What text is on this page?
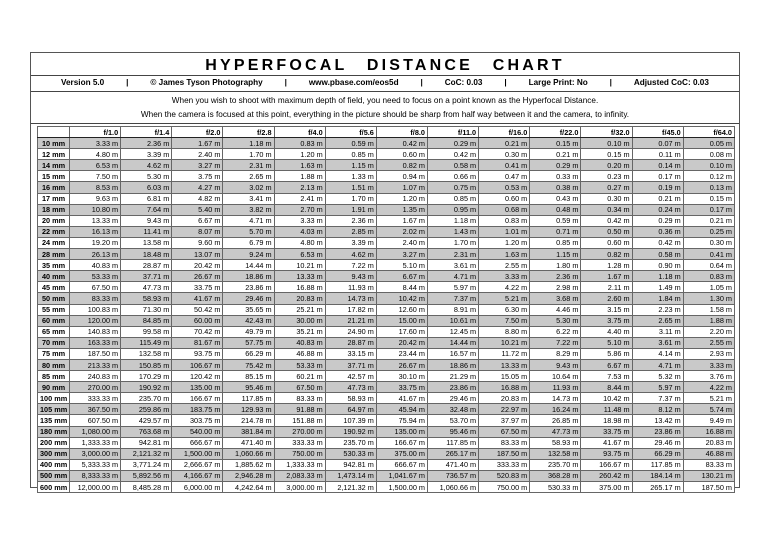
HYPERFOCAL DISTANCE CHART
Version 5.0	|	© James Tyson Photography	|	www.pbase.com/eos5d	|	CoC: 0.03	|	Large Print: No	|	Adjusted CoC: 0.03
When you wish to shoot with maximum depth of field, you need to focus on a point known as the Hyperfocal Distance.
When the camera is focused at this point, everything in the picture should be sharp from half way between it and the camera, to infinity.
	f/1.0	f/1.4	f/2.0	f/2.8	f/4.0	f/5.6	f/8.0	f/11.0	f/16.0	f/22.0	f/32.0	f/45.0	f/64.0
10 mm	3.33 m	2.36 m	1.67 m	1.18 m	0.83 m	0.59 m	0.42 m	0.29 m	0.21 m	0.15 m	0.10 m	0.07 m	0.05 m
12 mm	4.80 m	3.39 m	2.40 m	1.70 m	1.20 m	0.85 m	0.60 m	0.42 m	0.30 m	0.21 m	0.15 m	0.11 m	0.08 m
14 mm	6.53 m	4.62 m	3.27 m	2.31 m	1.63 m	1.15 m	0.82 m	0.58 m	0.41 m	0.29 m	0.20 m	0.14 m	0.10 m
15 mm	7.50 m	5.30 m	3.75 m	2.65 m	1.88 m	1.33 m	0.94 m	0.66 m	0.47 m	0.33 m	0.23 m	0.17 m	0.12 m
16 mm	8.53 m	6.03 m	4.27 m	3.02 m	2.13 m	1.51 m	1.07 m	0.75 m	0.53 m	0.38 m	0.27 m	0.19 m	0.13 m
17 mm	9.63 m	6.81 m	4.82 m	3.41 m	2.41 m	1.70 m	1.20 m	0.85 m	0.60 m	0.43 m	0.30 m	0.21 m	0.15 m
18 mm	10.80 m	7.64 m	5.40 m	3.82 m	2.70 m	1.91 m	1.35 m	0.95 m	0.68 m	0.48 m	0.34 m	0.24 m	0.17 m
20 mm	13.33 m	9.43 m	6.67 m	4.71 m	3.33 m	2.36 m	1.67 m	1.18 m	0.83 m	0.59 m	0.42 m	0.29 m	0.21 m
22 mm	16.13 m	11.41 m	8.07 m	5.70 m	4.03 m	2.85 m	2.02 m	1.43 m	1.01 m	0.71 m	0.50 m	0.36 m	0.25 m
24 mm	19.20 m	13.58 m	9.60 m	6.79 m	4.80 m	3.39 m	2.40 m	1.70 m	1.20 m	0.85 m	0.60 m	0.42 m	0.30 m
28 mm	26.13 m	18.48 m	13.07 m	9.24 m	6.53 m	4.62 m	3.27 m	2.31 m	1.63 m	1.15 m	0.82 m	0.58 m	0.41 m
35 mm	40.83 m	28.87 m	20.42 m	14.44 m	10.21 m	7.22 m	5.10 m	3.61 m	2.55 m	1.80 m	1.28 m	0.90 m	0.64 m
40 mm	53.33 m	37.71 m	26.67 m	18.86 m	13.33 m	9.43 m	6.67 m	4.71 m	3.33 m	2.36 m	1.67 m	1.18 m	0.83 m
45 mm	67.50 m	47.73 m	33.75 m	23.86 m	16.88 m	11.93 m	8.44 m	5.97 m	4.22 m	2.98 m	2.11 m	1.49 m	1.05 m
50 mm	83.33 m	58.93 m	41.67 m	29.46 m	20.83 m	14.73 m	10.42 m	7.37 m	5.21 m	3.68 m	2.60 m	1.84 m	1.30 m
55 mm	100.83 m	71.30 m	50.42 m	35.65 m	25.21 m	17.82 m	12.60 m	8.91 m	6.30 m	4.46 m	3.15 m	2.23 m	1.58 m
60 mm	120.00 m	84.85 m	60.00 m	42.43 m	30.00 m	21.21 m	15.00 m	10.61 m	7.50 m	5.30 m	3.75 m	2.65 m	1.88 m
65 mm	140.83 m	99.58 m	70.42 m	49.79 m	35.21 m	24.90 m	17.60 m	12.45 m	8.80 m	6.22 m	4.40 m	3.11 m	2.20 m
70 mm	163.33 m	115.49 m	81.67 m	57.75 m	40.83 m	28.87 m	20.42 m	14.44 m	10.21 m	7.22 m	5.10 m	3.61 m	2.55 m
75 mm	187.50 m	132.58 m	93.75 m	66.29 m	46.88 m	33.15 m	23.44 m	16.57 m	11.72 m	8.29 m	5.86 m	4.14 m	2.93 m
80 mm	213.33 m	150.85 m	106.67 m	75.42 m	53.33 m	37.71 m	26.67 m	18.86 m	13.33 m	9.43 m	6.67 m	4.71 m	3.33 m
85 mm	240.83 m	170.29 m	120.42 m	85.15 m	60.21 m	42.57 m	30.10 m	21.29 m	15.05 m	10.64 m	7.53 m	5.32 m	3.76 m
90 mm	270.00 m	190.92 m	135.00 m	95.46 m	67.50 m	47.73 m	33.75 m	23.86 m	16.88 m	11.93 m	8.44 m	5.97 m	4.22 m
100 mm	333.33 m	235.70 m	166.67 m	117.85 m	83.33 m	58.93 m	41.67 m	29.46 m	20.83 m	14.73 m	10.42 m	7.37 m	5.21 m
105 mm	367.50 m	259.86 m	183.75 m	129.93 m	91.88 m	64.97 m	45.94 m	32.48 m	22.97 m	16.24 m	11.48 m	8.12 m	5.74 m
135 mm	607.50 m	429.57 m	303.75 m	214.78 m	151.88 m	107.39 m	75.94 m	53.70 m	37.97 m	26.85 m	18.98 m	13.42 m	9.49 m
180 mm	1,080.00 m	763.68 m	540.00 m	381.84 m	270.00 m	190.92 m	135.00 m	95.46 m	67.50 m	47.73 m	33.75 m	23.86 m	16.88 m
200 mm	1,333.33 m	942.81 m	666.67 m	471.40 m	333.33 m	235.70 m	166.67 m	117.85 m	83.33 m	58.93 m	41.67 m	29.46 m	20.83 m
300 mm	3,000.00 m	2,121.32 m	1,500.00 m	1,060.66 m	750.00 m	530.33 m	375.00 m	265.17 m	187.50 m	132.58 m	93.75 m	66.29 m	46.88 m
400 mm	5,333.33 m	3,771.24 m	2,666.67 m	1,885.62 m	1,333.33 m	942.81 m	666.67 m	471.40 m	333.33 m	235.70 m	166.67 m	117.85 m	83.33 m
500 mm	8,333.33 m	5,892.56 m	4,166.67 m	2,946.28 m	2,083.33 m	1,473.14 m	1,041.67 m	736.57 m	520.83 m	368.28 m	260.42 m	184.14 m	130.21 m
600 mm	12,000.00 m	8,485.28 m	6,000.00 m	4,242.64 m	3,000.00 m	2,121.32 m	1,500.00 m	1,060.66 m	750.00 m	530.33 m	375.00 m	265.17 m	187.50 m
